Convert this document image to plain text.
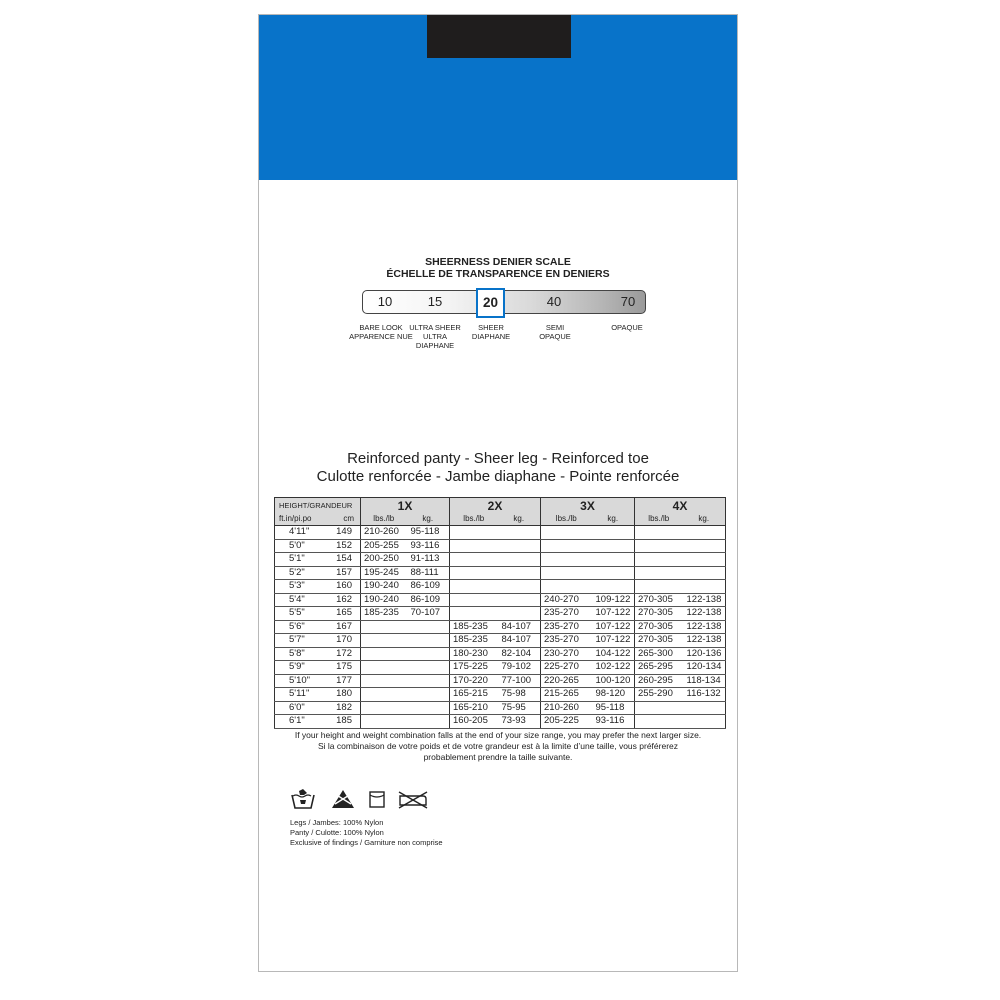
SHEERNESS DENIER SCALE
ÉCHELLE DE TRANSPARENCE EN DENIERS
10	15	20	40	70
BARE LOOK
APPARENCE NUE
ULTRA SHEER
ULTRA
DIAPHANE
SHEER
DIAPHANE
SEMI
OPAQUE
OPAQUE
Reinforced panty - Sheer leg - Reinforced toe
Culotte renforcée - Jambe diaphane - Pointe renforcée
HEIGHT/GRANDEUR		1X		2X		3X		4X	
ft.in/pi.po	cm	lbs./lb	kg.	lbs./lb	kg.	lbs./lb	kg.	lbs./lb	kg.
4'11"	149	210-260	95-118						
5'0"	152	205-255	93-116						
5'1"	154	200-250	91-113						
5'2"	157	195-245	88-111						
5'3"	160	190-240	86-109						
5'4"	162	190-240	86-109			240-270	109-122	270-305	122-138
5'5"	165	185-235	70-107			235-270	107-122	270-305	122-138
5'6"	167			185-235	84-107	235-270	107-122	270-305	122-138
5'7"	170			185-235	84-107	235-270	107-122	270-305	122-138
5'8"	172			180-230	82-104	230-270	104-122	265-300	120-136
5'9"	175			175-225	79-102	225-270	102-122	265-295	120-134
5'10"	177			170-220	77-100	220-265	100-120	260-295	118-134
5'11"	180			165-215	75-98	215-265	98-120	255-290	116-132
6'0"	182			165-210	75-95	210-260	95-118		
6'1"	185			160-205	73-93	205-225	93-116		
If your height and weight combination falls at the end of your size range, you may prefer the next larger size.
Si la combinaison de votre poids et de votre grandeur est à la limite d’une taille, vous préférerez
probablement prendre la taille suivante.
Legs / Jambes: 100% Nylon
Panty / Culotte: 100% Nylon
Exclusive of findings / Garniture non comprise
